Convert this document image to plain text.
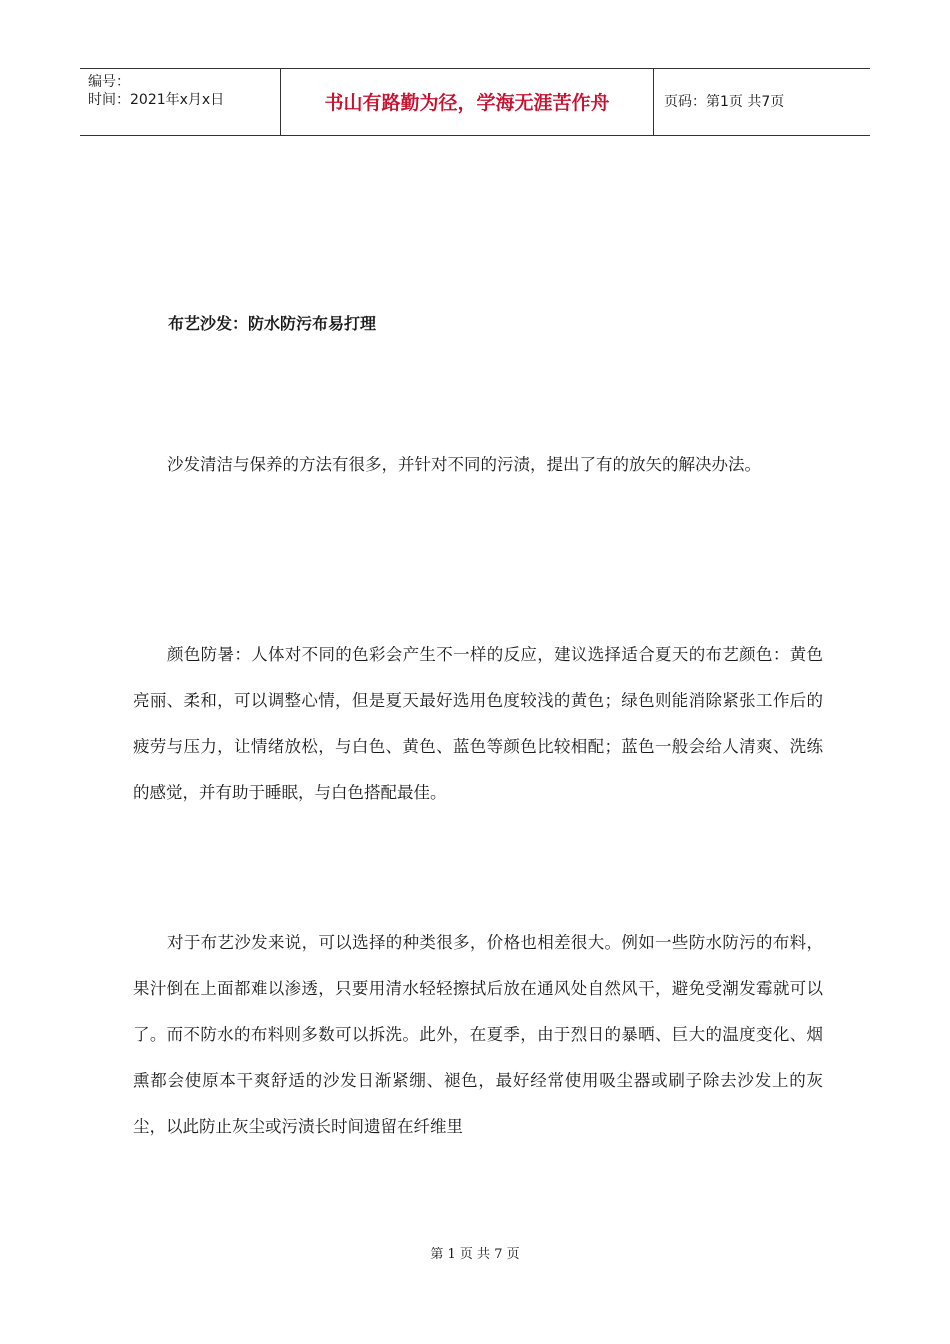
编号：
时间：2021年x月x日	书山有路勤为径，学海无涯苦作舟	页码：第1页 共7页
布艺沙发：防水防污布易打理

沙发清洁与保养的方法有很多，并针对不同的污渍，提出了有的放矢的解决办法。

颜色防暑：人体对不同的色彩会产生不一样的反应，建议选择适合夏天的布艺颜色：黄色亮丽、柔和，可以调整心情，但是夏天最好选用色度较浅的黄色；绿色则能消除紧张工作后的疲劳与压力，让情绪放松，与白色、黄色、蓝色等颜色比较相配；蓝色一般会给人清爽、洗练的感觉，并有助于睡眠，与白色搭配最佳。

对于布艺沙发来说，可以选择的种类很多，价格也相差很大。例如一些防水防污的布料，果汁倒在上面都难以渗透，只要用清水轻轻擦拭后放在通风处自然风干，避免受潮发霉就可以了。而不防水的布料则多数可以拆洗。此外，在夏季，由于烈日的暴晒、巨大的温度变化、烟熏都会使原本干爽舒适的沙发日渐紧绷、褪色，最好经常使用吸尘器或刷子除去沙发上的灰尘，以此防止灰尘或污渍长时间遗留在纤维里

第 1 页 共 7 页
